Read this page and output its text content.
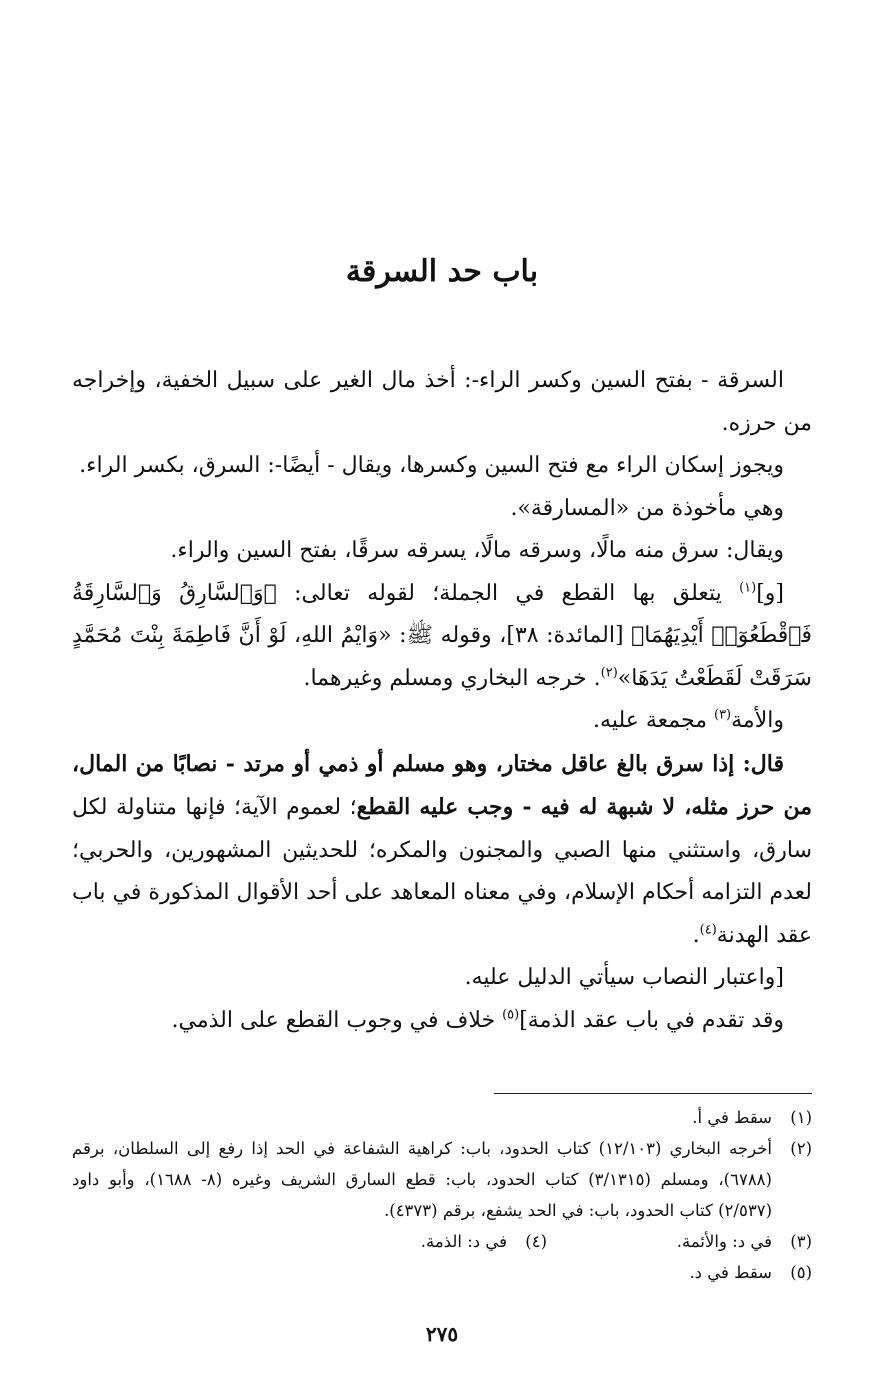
باب حد السرقة

السرقة - بفتح السين وكسر الراء-: أخذ مال الغير على سبيل الخفية، وإخراجه من حرزه.

ويجوز إسكان الراء مع فتح السين وكسرها، ويقال - أيضًا-: السرق، بكسر الراء.

وهي مأخوذة من «المسارقة».

ويقال: سرق منه مالًا، وسرقه مالًا، يسرقه سرقًا، بفتح السين والراء.

[و]$^{(١)}$ يتعلق بها القطع في الجملة؛ لقوله تعالى: ﴿وَٱلسَّارِقُ وَٱلسَّارِقَةُ فَٱقْطَعُوٓا۟ أَيْدِيَهُمَا﴾ [المائدة: ٣٨]، وقوله ﷺ: «وَايْمُ اللهِ، لَوْ أَنَّ فَاطِمَةَ بِنْتَ مُحَمَّدٍ سَرَقَتْ لَقَطَعْتُ يَدَهَا»$^{(٢)}$. خرجه البخاري ومسلم وغيرهما.

والأمة$^{(٣)}$ مجمعة عليه.

قال: إذا سرق بالغ عاقل مختار، وهو مسلم أو ذمي أو مرتد - نصابًا من المال، من حرز مثله، لا شبهة له فيه - وجب عليه القطع؛ لعموم الآية؛ فإنها متناولة لكل سارق، واستثني منها الصبي والمجنون والمكره؛ للحديثين المشهورين، والحربي؛ لعدم التزامه أحكام الإسلام، وفي معناه المعاهد على أحد الأقوال المذكورة في باب عقد الهدنة$^{(٤)}$.

[واعتبار النصاب سيأتي الدليل عليه.

وقد تقدم في باب عقد الذمة]$^{(٥)}$ خلاف في وجوب القطع على الذمي.

(١)
سقط في أ.
(٢)
أخرجه البخاري (١٢/١٠٣) كتاب الحدود، باب: كراهية الشفاعة في الحد إذا رفع إلى السلطان، برقم (٦٧٨٨)، ومسلم (٣/١٣١٥) كتاب الحدود، باب: قطع السارق الشريف وغيره (٨- ١٦٨٨)، وأبو داود (٢/٥٣٧) كتاب الحدود، باب: في الحد يشفع، برقم (٤٣٧٣).
(٣)
في د: والأئمة.
(٤)
في د: الذمة.
(٥)
سقط في د.
٢٧٥
